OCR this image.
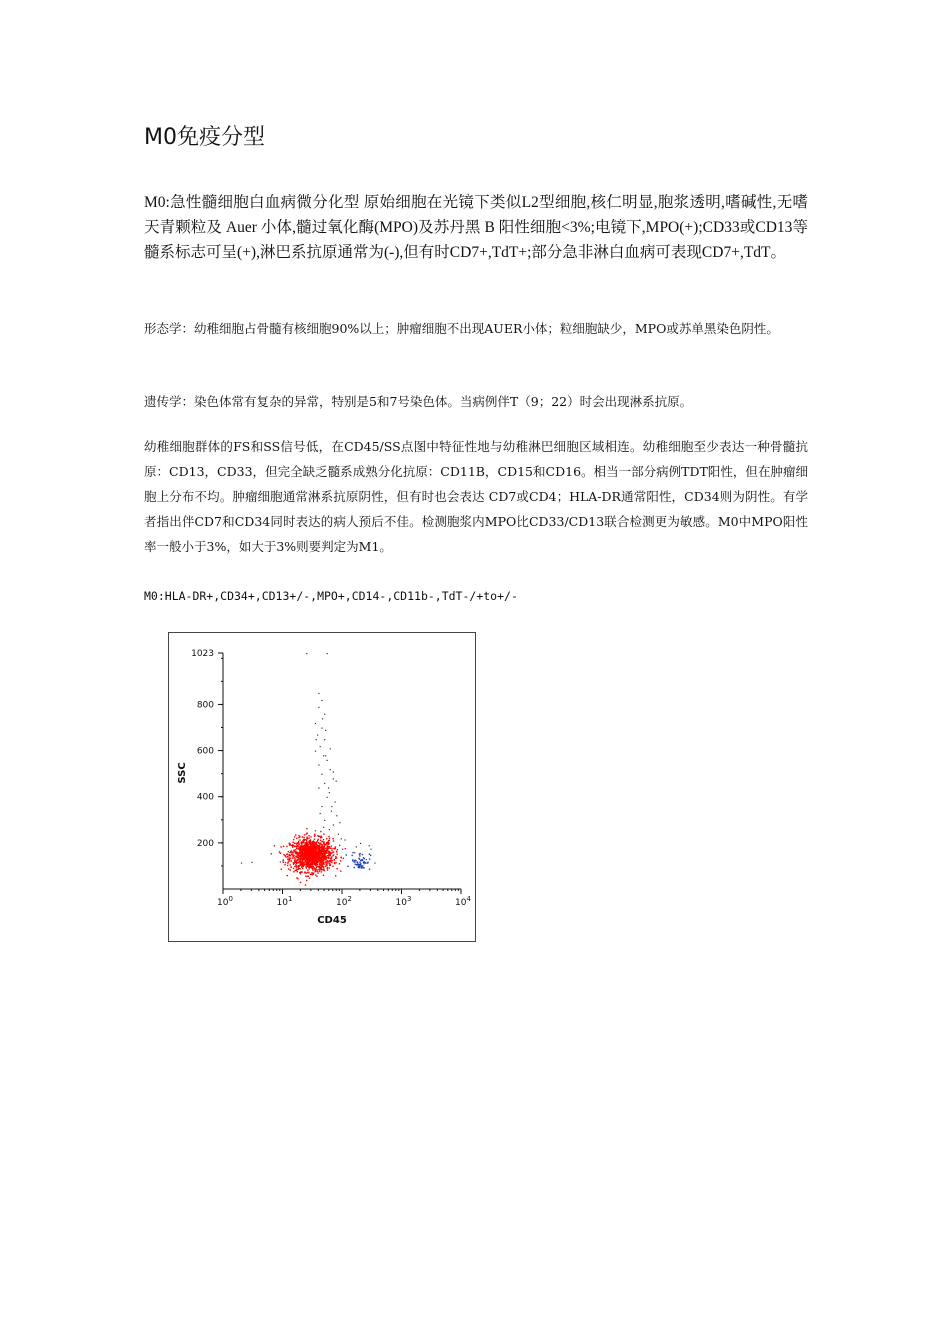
M0免疫分型
M0:急性髓细胞白血病微分化型 原始细胞在光镜下类似L2型细胞,核仁明显,胞浆透明,嗜碱性,无嗜天青颗粒及 Auer 小体,髓过氧化酶(MPO)及苏丹黑 B 阳性细胞<3%;电镜下,MPO(+);CD33或CD13等髓系标志可呈(+),淋巴系抗原通常为(-),但有时CD7+,TdT+;部分急非淋白血病可表现CD7+,TdT。
形态学：幼稚细胞占骨髓有核细胞90%以上；肿瘤细胞不出现AUER小体；粒细胞缺少，MPO或苏单黑染色阴性。
遗传学：染色体常有复杂的异常，特别是5和7号染色体。当病例伴T（9；22）时会出现淋系抗原。
幼稚细胞群体的FS和SS信号低，在CD45/SS点图中特征性地与幼稚淋巴细胞区域相连。幼稚细胞至少表达一种骨髓抗原：CD13，CD33，但完全缺乏髓系成熟分化抗原：CD11B，CD15和CD16。相当一部分病例TDT阳性，但在肿瘤细胞上分布不均。肿瘤细胞通常淋系抗原阴性，但有时也会表达 CD7或CD4；HLA-DR通常阳性，CD34则为阴性。有学者指出伴CD7和CD34同时表达的病人预后不佳。检测胞浆内MPO比CD33/CD13联合检测更为敏感。M0中MPO阳性率一般小于3%，如大于3%则要判定为M1。
M0:HLA-DR+,CD34+,CD13+/-,MPO+,CD14-,CD11b-,TdT-/+to+/-
$10^0$	$10^1$	$10^2$	$10^3$	$10^4$
200
400
600
800
1023
CD45
SSC
